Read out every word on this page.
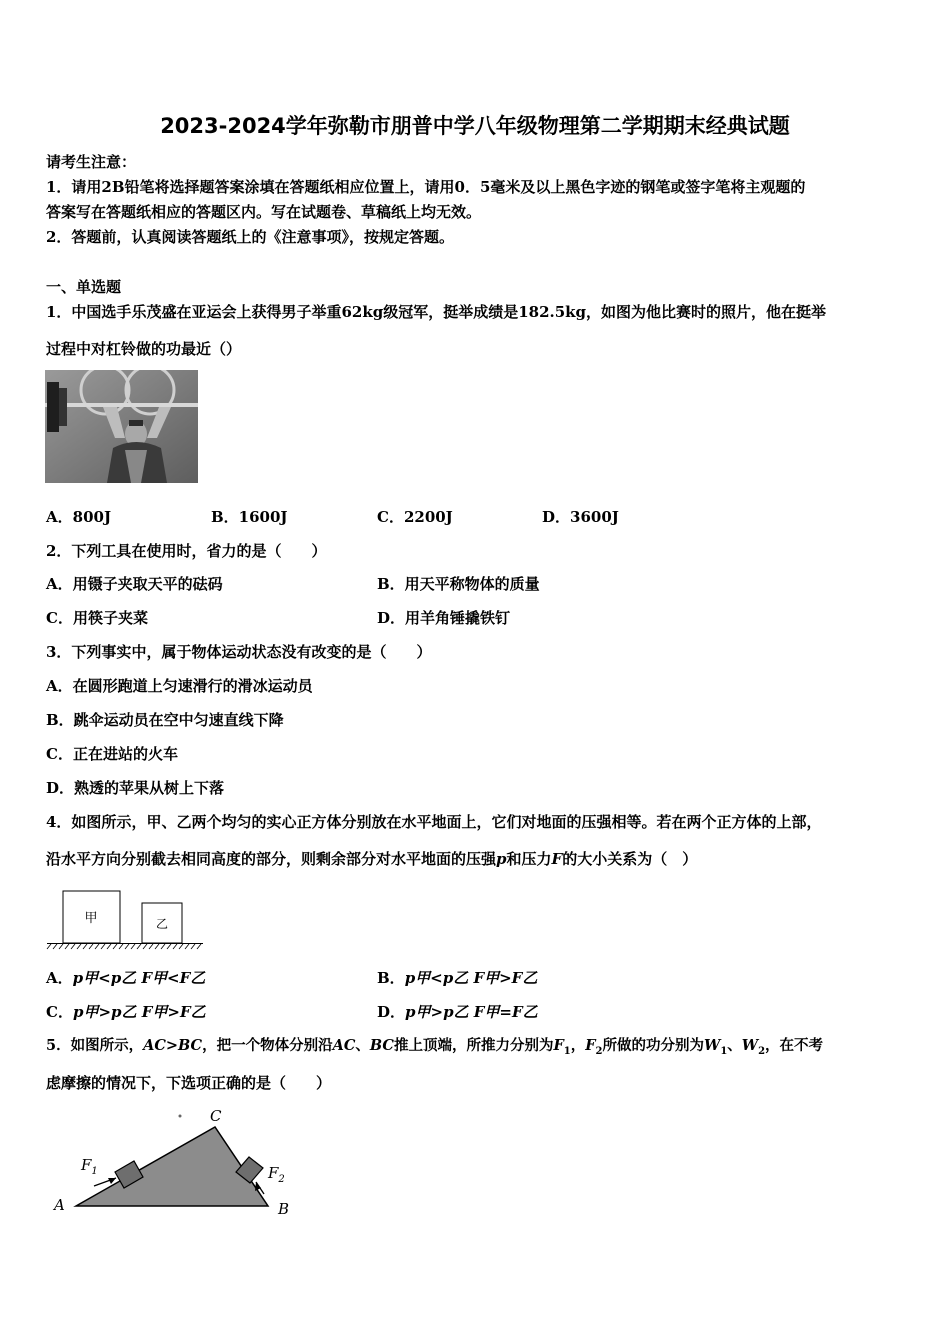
2023-2024学年弥勒市朋普中学八年级物理第二学期期末经典试题
请考生注意：
1．请用2B铅笔将选择题答案涂填在答题纸相应位置上，请用0．5毫米及以上黑色字迹的钢笔或签字笔将主观题的
答案写在答题纸相应的答题区内。写在试题卷、草稿纸上均无效。
2．答题前，认真阅读答题纸上的《注意事项》，按规定答题。
一、单选题
1．中国选手乐茂盛在亚运会上获得男子举重62kg级冠军，挺举成绩是182.5kg，如图为他比赛时的照片，他在挺举
过程中对杠铃做的功最近（）
A．800J	B．1600J	C．2200J	D．3600J
2．下列工具在使用时，省力的是（　　）
A．用镊子夹取天平的砝码	B．用天平称物体的质量
C．用筷子夹菜	D．用羊角锤撬铁钉
3．下列事实中，属于物体运动状态没有改变的是（　　）
A．在圆形跑道上匀速滑行的滑冰运动员
B．跳伞运动员在空中匀速直线下降
C．正在进站的火车
D．熟透的苹果从树上下落
4．如图所示，甲、乙两个均匀的实心正方体分别放在水平地面上，它们对地面的压强相等。若在两个正方体的上部，
沿水平方向分别截去相同高度的部分，则剩余部分对水平地面的压强p和压力F的大小关系为（　）
甲	乙
A．p甲<p乙 F甲<F乙	B．p甲<p乙 F甲>F乙
C．p甲>p乙 F甲>F乙	D．p甲>p乙 F甲=F乙
5．如图所示，AC>BC，把一个物体分别沿AC、BC推上顶端，所推力分别为$F_1$，$F_2$所做的功分别为$W_1$、$W_2$，在不考
虑摩擦的情况下，下选项正确的是（　　）
A	B
C
$F_1$	$F_2$
